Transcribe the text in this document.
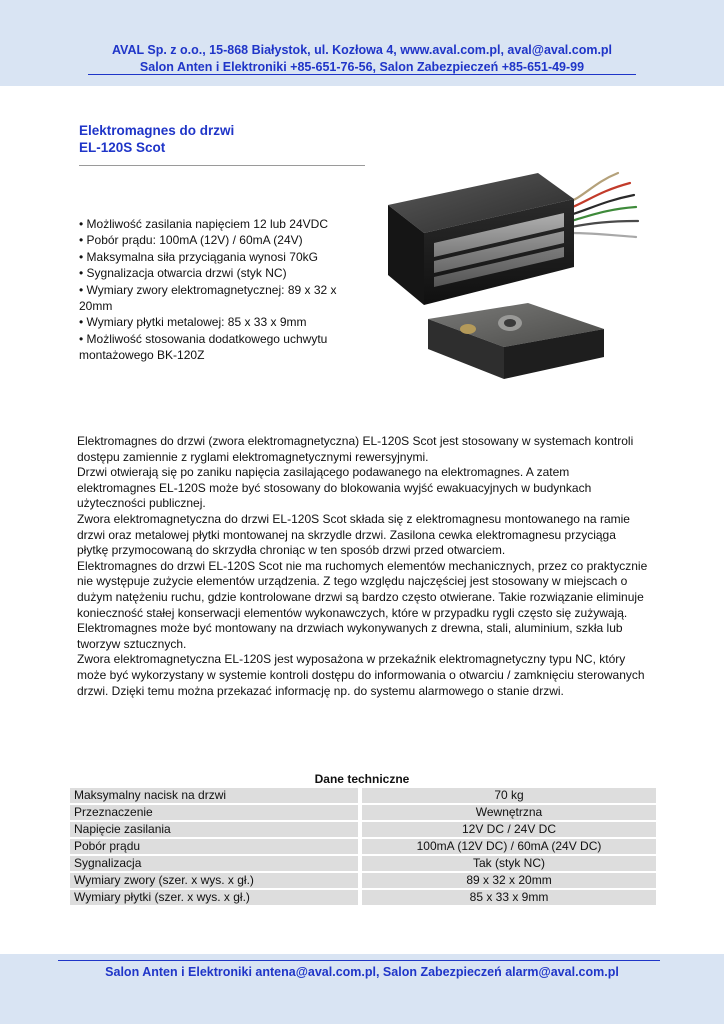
AVAL Sp. z o.o., 15-868 Białystok, ul. Kozłowa 4, www.aval.com.pl, aval@aval.com.pl
Salon Anten i Elektroniki +85-651-76-56, Salon Zabezpieczeń +85-651-49-99
Elektromagnes do drzwi
EL-120S Scot
• Możliwość zasilania napięciem 12 lub 24VDC
• Pobór prądu: 100mA (12V) / 60mA (24V)
• Maksymalna siła przyciągania wynosi 70kG
• Sygnalizacja otwarcia drzwi (styk NC)
• Wymiary zwory elektromagnetycznej: 89 x 32 x 20mm
• Wymiary płytki metalowej: 85 x 33 x 9mm
• Możliwość stosowania dodatkowego uchwytu montażowego BK-120Z

Elektromagnes do drzwi (zwora elektromagnetyczna) EL-120S Scot jest stosowany w systemach kontroli dostępu zamiennie z ryglami elektromagnetycznymi rewersyjnymi.

Drzwi otwierają się po zaniku napięcia zasilającego podawanego na elektromagnes. A zatem elektromagnes EL-120S może być stosowany do blokowania wyjść ewakuacyjnych w budynkach użyteczności publicznej.

Zwora elektromagnetyczna do drzwi EL-120S Scot składa się z elektromagnesu montowanego na ramie drzwi oraz metalowej płytki montowanej na skrzydle drzwi. Zasilona cewka elektromagnesu przyciąga płytkę przymocowaną do skrzydła chroniąc w ten sposób drzwi przed otwarciem.

Elektromagnes do drzwi EL-120S Scot nie ma ruchomych elementów mechanicznych, przez co praktycznie nie występuje zużycie elementów urządzenia. Z tego względu najczęściej jest stosowany w miejscach o dużym natężeniu ruchu, gdzie kontrolowane drzwi są bardzo często otwierane. Takie rozwiązanie eliminuje konieczność stałej konserwacji elementów wykonawczych, które w przypadku rygli często się zużywają. Elektromagnes może być montowany na drzwiach wykonywanych z drewna, stali, aluminium, szkła lub tworzyw sztucznych.

Zwora elektromagnetyczna EL-120S jest wyposażona w przekaźnik elektromagnetyczny typu NC, który może być wykorzystany w systemie kontroli dostępu do informowania o otwarciu / zamknięciu sterowanych drzwi. Dzięki temu można przekazać informację np. do systemu alarmowego o stanie drzwi.

Dane techniczne
Maksymalny nacisk na drzwi	70 kg
Przeznaczenie	Wewnętrzna
Napięcie zasilania	12V DC / 24V DC
Pobór prądu	100mA (12V DC) / 60mA (24V DC)
Sygnalizacja	Tak (styk NC)
Wymiary zwory (szer. x wys. x gł.)	89 x 32 x 20mm
Wymiary płytki (szer. x wys. x gł.)	85 x 33 x 9mm
Salon Anten i Elektroniki antena@aval.com.pl, Salon Zabezpieczeń alarm@aval.com.pl
